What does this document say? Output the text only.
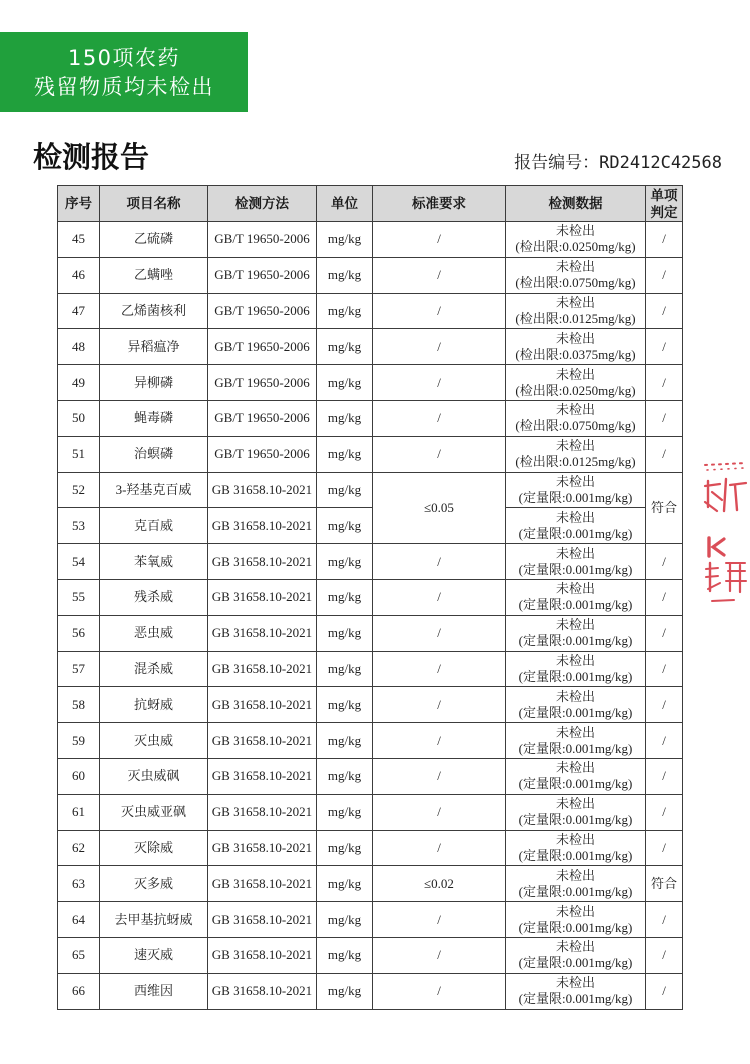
150项农药
残留物质均未检出
检测报告	报告编号：RD2412C42568
序号	项目名称	检测方法	单位	标准要求	检测数据	单项判定
45	乙硫磷	GB/T 19650-2006	mg/kg	/	未检出
(检出限:0.0250mg/kg)	/
46	乙螨唑	GB/T 19650-2006	mg/kg	/	未检出
(检出限:0.0750mg/kg)	/
47	乙烯菌核利	GB/T 19650-2006	mg/kg	/	未检出
(检出限:0.0125mg/kg)	/
48	异稻瘟净	GB/T 19650-2006	mg/kg	/	未检出
(检出限:0.0375mg/kg)	/
49	异柳磷	GB/T 19650-2006	mg/kg	/	未检出
(检出限:0.0250mg/kg)	/
50	蝇毒磷	GB/T 19650-2006	mg/kg	/	未检出
(检出限:0.0750mg/kg)	/
51	治螟磷	GB/T 19650-2006	mg/kg	/	未检出
(检出限:0.0125mg/kg)	/
52	3-羟基克百威	GB 31658.10-2021	mg/kg	≤0.05	未检出
(定量限:0.001mg/kg)	符合
53	克百威	GB 31658.10-2021	mg/kg		未检出
(定量限:0.001mg/kg)	

54	苯氧威	GB 31658.10-2021	mg/kg	/	未检出
(定量限:0.001mg/kg)	/
55	残杀威	GB 31658.10-2021	mg/kg	/	未检出
(定量限:0.001mg/kg)	/
56	恶虫威	GB 31658.10-2021	mg/kg	/	未检出
(定量限:0.001mg/kg)	/
57	混杀威	GB 31658.10-2021	mg/kg	/	未检出
(定量限:0.001mg/kg)	/
58	抗蚜威	GB 31658.10-2021	mg/kg	/	未检出
(定量限:0.001mg/kg)	/
59	灭虫威	GB 31658.10-2021	mg/kg	/	未检出
(定量限:0.001mg/kg)	/
60	灭虫威砜	GB 31658.10-2021	mg/kg	/	未检出
(定量限:0.001mg/kg)	/
61	灭虫威亚砜	GB 31658.10-2021	mg/kg	/	未检出
(定量限:0.001mg/kg)	/
62	灭除威	GB 31658.10-2021	mg/kg	/	未检出
(定量限:0.001mg/kg)	/
63	灭多威	GB 31658.10-2021	mg/kg	≤0.02	未检出
(定量限:0.001mg/kg)	符合
64	去甲基抗蚜威	GB 31658.10-2021	mg/kg	/	未检出
(定量限:0.001mg/kg)	/
65	速灭威	GB 31658.10-2021	mg/kg	/	未检出
(定量限:0.001mg/kg)	/
66	西维因	GB 31658.10-2021	mg/kg	/	未检出
(定量限:0.001mg/kg)	/
